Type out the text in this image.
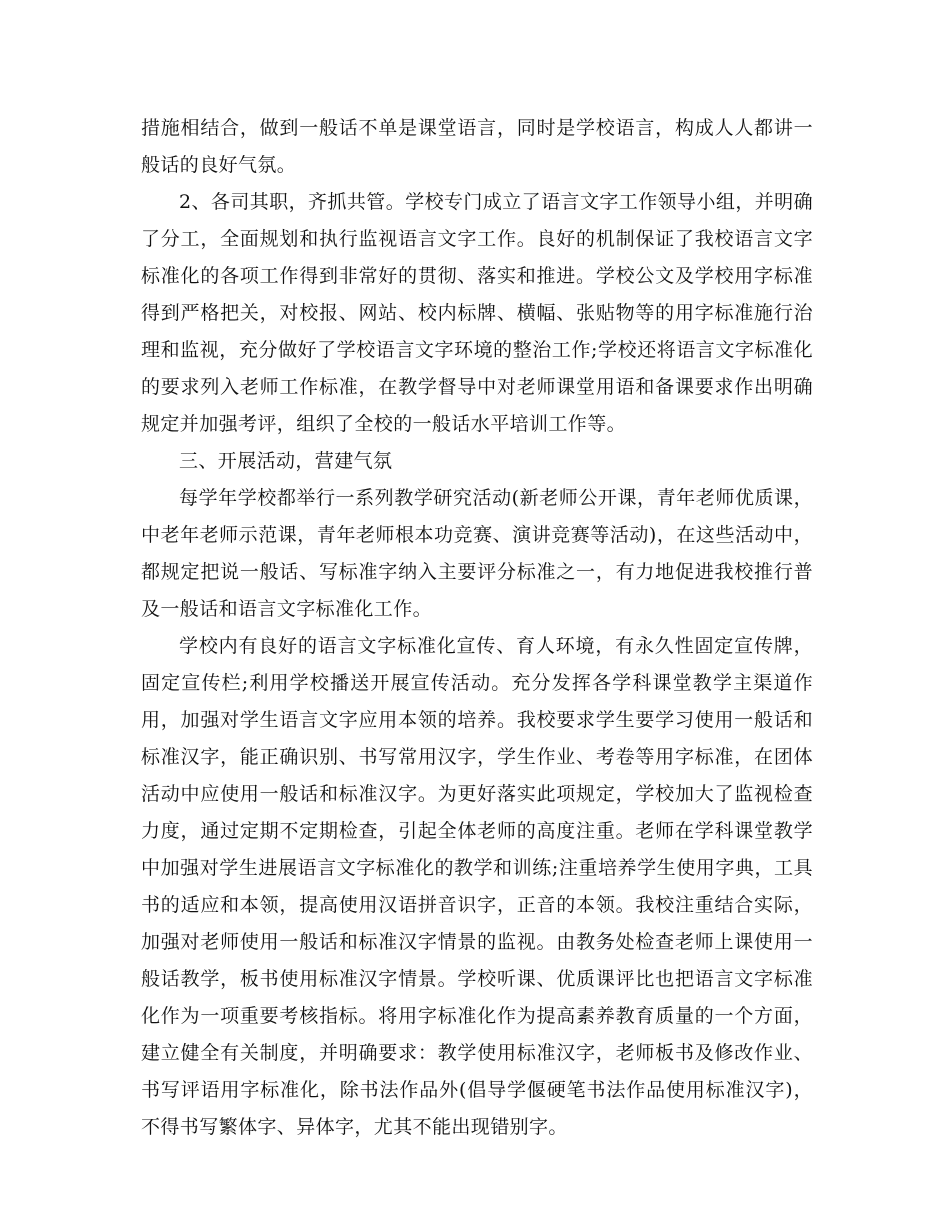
措施相结合，做到一般话不单是课堂语言，同时是学校语言，构成人人都讲一般话的良好气氛。

2、各司其职，齐抓共管。学校专门成立了语言文字工作领导小组，并明确了分工，全面规划和执行监视语言文字工作。良好的机制保证了我校语言文字标准化的各项工作得到非常好的贯彻、落实和推进。学校公文及学校用字标准得到严格把关，对校报、网站、校内标牌、横幅、张贴物等的用字标准施行治理和监视，充分做好了学校语言文字环境的整治工作;学校还将语言文字标准化的要求列入老师工作标准，在教学督导中对老师课堂用语和备课要求作出明确规定并加强考评，组织了全校的一般话水平培训工作等。

三、开展活动，营建气氛

每学年学校都举行一系列教学研究活动(新老师公开课，青年老师优质课，中老年老师示范课，青年老师根本功竞赛、演讲竞赛等活动)，在这些活动中，都规定把说一般话、写标准字纳入主要评分标准之一，有力地促进我校推行普及一般话和语言文字标准化工作。

学校内有良好的语言文字标准化宣传、育人环境，有永久性固定宣传牌，固定宣传栏;利用学校播送开展宣传活动。充分发挥各学科课堂教学主渠道作用，加强对学生语言文字应用本领的培养。我校要求学生要学习使用一般话和标准汉字，能正确识别、书写常用汉字，学生作业、考卷等用字标准，在团体活动中应使用一般话和标准汉字。为更好落实此项规定，学校加大了监视检查力度，通过定期不定期检查，引起全体老师的高度注重。老师在学科课堂教学中加强对学生进展语言文字标准化的教学和训练;注重培养学生使用字典，工具书的适应和本领，提高使用汉语拼音识字，正音的本领。我校注重结合实际，加强对老师使用一般话和标准汉字情景的监视。由教务处检查老师上课使用一般话教学，板书使用标准汉字情景。学校听课、优质课评比也把语言文字标准化作为一项重要考核指标。将用字标准化作为提高素养教育质量的一个方面，建立健全有关制度，并明确要求：教学使用标准汉字，老师板书及修改作业、书写评语用字标准化，除书法作品外(倡导学偃硬笔书法作品使用标准汉字)，不得书写繁体字、异体字，尤其不能出现错别字。
